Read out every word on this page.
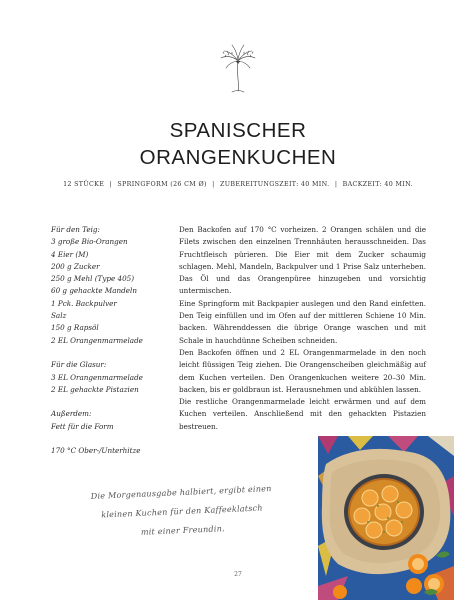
SPANISCHER
ORANGENKUCHEN
12 STÜCKE | SPRINGFORM (26 CM Ø) | ZUBEREITUNGSZEIT: 40 MIN. | BACKZEIT: 40 MIN.
Für den Teig:
3 große Bio-Orangen
4 Eier (M)
200 g Zucker
250 g Mehl (Type 405)
60 g gehackte Mandeln
1 Pck. Backpulver
Salz
150 g Rapsöl
2 EL Orangenmarmelade
Für die Glasur:
3 EL Orangenmarmelade
2 EL gehackte Pistazien
Außerdem:
Fett für die Form
170 °C Ober-/Unterhitze

Den Backofen auf 170 °C vorheizen. 2 Orangen schälen und die Filets zwischen den einzelnen Trennhäuten herausschneiden. Das Fruchtfleisch pürieren. Die Eier mit dem Zucker schaumig schlagen. Mehl, Mandeln, Backpulver und 1 Prise Salz unterheben. Das Öl und das Orangenpüree hinzugeben und vorsichtig untermischen.

Eine Springform mit Backpapier auslegen und den Rand einfetten. Den Teig einfüllen und im Ofen auf der mittleren Schiene 10 Min. backen. Währenddessen die übrige Orange waschen und mit Schale in hauchdünne Scheiben schneiden.

Den Backofen öffnen und 2 EL Orangenmarmelade in den noch leicht flüssigen Teig ziehen. Die Orangenscheiben gleichmäßig auf dem Kuchen verteilen. Den Orangenkuchen weitere 20–30 Min. backen, bis er goldbraun ist. Herausnehmen und abkühlen lassen.

Die restliche Orangenmarmelade leicht erwärmen und auf dem Kuchen verteilen. Anschließend mit den gehackten Pistazien bestreuen.

Die Morgenausgabe halbiert, ergibt einen
kleinen Kuchen für den Kaffeeklatsch
mit einer Freundin.
27
